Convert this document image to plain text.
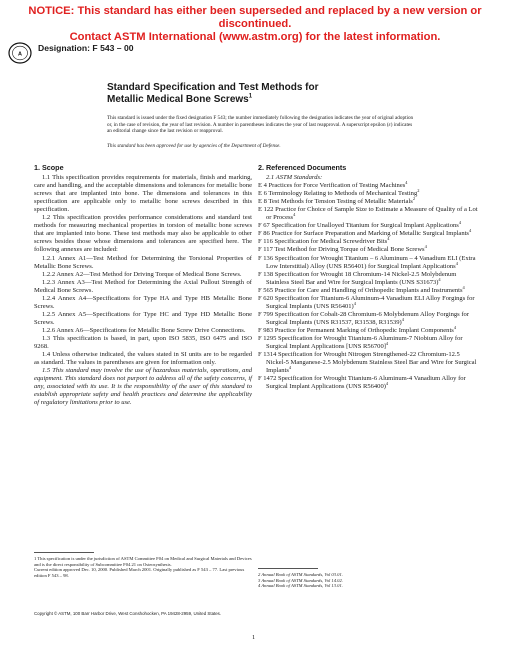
NOTICE: This standard has either been superseded and replaced by a new version or discontinued.
Contact ASTM International (www.astm.org) for the latest information.
A
Designation: F 543 – 00
Standard Specification and Test Methods for
Metallic Medical Bone Screws$^1$
This standard is issued under the fixed designation F 543; the number immediately following the designation indicates the year of original adoption or, in the case of revision, the year of last revision. A number in parentheses indicates the year of last reapproval. A superscript epsilon (ε) indicates an editorial change since the last revision or reapproval.
This standard has been approved for use by agencies of the Department of Defense.
1. Scope

1.1 This specification provides requirements for materials, finish and marking, care and handling, and the acceptable dimensions and tolerances for metallic bone screws that are implanted into bone. The dimensions and tolerances in this specification are applicable only to metallic bone screws described in this specification.

1.2 This specification provides performance considerations and standard test methods for measuring mechanical properties in torsion of metallic bone screws that are implanted into bone. These test methods may also be applicable to other screws besides those whose dimensions and tolerances are specified here. The following annexes are included:

1.2.1 Annex A1—Test Method for Determining the Torsional Properties of Metallic Bone Screws.

1.2.2 Annex A2—Test Method for Driving Torque of Medical Bone Screws.

1.2.3 Annex A3—Test Method for Determining the Axial Pullout Strength of Medical Bone Screws.

1.2.4 Annex A4—Specifications for Type HA and Type HB Metallic Bone Screws.

1.2.5 Annex A5—Specifications for Type HC and Type HD Metallic Bone Screws.

1.2.6 Annex A6—Specifications for Metallic Bone Screw Drive Connections.

1.3 This specification is based, in part, upon ISO 5835, ISO 6475 and ISO 9268.

1.4 Unless otherwise indicated, the values stated in SI units are to be regarded as standard. The values in parentheses are given for information only.

1.5 This standard may involve the use of hazardous materials, operations, and equipment. This standard does not purport to address all of the safety concerns, if any, associated with its use. It is the responsibility of the user of this standard to establish appropriate safety and health practices and determine the applicability of regulatory limitations prior to use.

2. Referenced Documents
2.1 ASTM Standards:
E 4 Practices for Force Verification of Testing Machines$^4$
E 6 Terminology Relating to Methods of Mechanical Testing$^2$
E 8 Test Methods for Tension Testing of Metallic Materials$^2$
E 122 Practice for Choice of Sample Size to Estimate a Measure of Quality of a Lot or Process$^4$
F 67 Specification for Unalloyed Titanium for Surgical Implant Applications$^4$
F 86 Practice for Surface Preparation and Marking of Metallic Surgical Implants$^4$
F 116 Specification for Medical Screwdriver Bits$^4$
F 117 Test Method for Driving Torque of Medical Bone Screws$^4$
F 136 Specification for Wrought Titanium – 6 Aluminum – 4 Vanadium ELI (Extra Low Interstitial) Alloy (UNS R56401) for Surgical Implant Applications$^4$
F 138 Specification for Wrought 18 Chromium-14 Nickel-2.5 Molybdenum Stainless Steel Bar and Wire for Surgical Implants (UNS S31673)$^4$
F 565 Practice for Care and Handling of Orthopedic Implants and Instruments$^4$
F 620 Specification for Titanium-6 Aluminum-4 Vanadium ELI Alloy Forgings for Surgical Implants (UNS R56401)$^4$
F 799 Specification for Cobalt-28 Chromium-6 Molybdenum Alloy Forgings for Surgical Implants (UNS R31537, R31538, R31539)$^4$
F 983 Practice for Permanent Marking of Orthopedic Implant Components$^4$
F 1295 Specification for Wrought Titanium-6 Aluminum-7 Niobium Alloy for Surgical Implant Applications [UNS R56700]$^4$
F 1314 Specification for Wrought Nitrogen Strengthened-22 Chromium-12.5 Nickel-5 Manganese-2.5 Molybdenum Stainless Steel Bar and Wire for Surgical Implants$^4$
F 1472 Specification for Wrought Titanium-6 Aluminum-4 Vanadium Alloy for Surgical Implant Applications (UNS R56400)$^4$
1 This specification is under the jurisdiction of ASTM Committee F04 on Medical and Surgical Materials and Devices and is the direct responsibility of Subcommittee F04.21 on Osteosynthesis.
Current edition approved Dec. 10, 2000. Published March 2001. Originally published as F 543 – 77. Last previous edition F 543 – 98.	2 Annual Book of ASTM Standards, Vol 03.01.
3 Annual Book of ASTM Standards, Vol 14.02.
4 Annual Book of ASTM Standards, Vol 13.01.
Copyright © ASTM, 100 Barr Harbor Drive, West Conshohocken, PA 19428-2959, United States.
1
